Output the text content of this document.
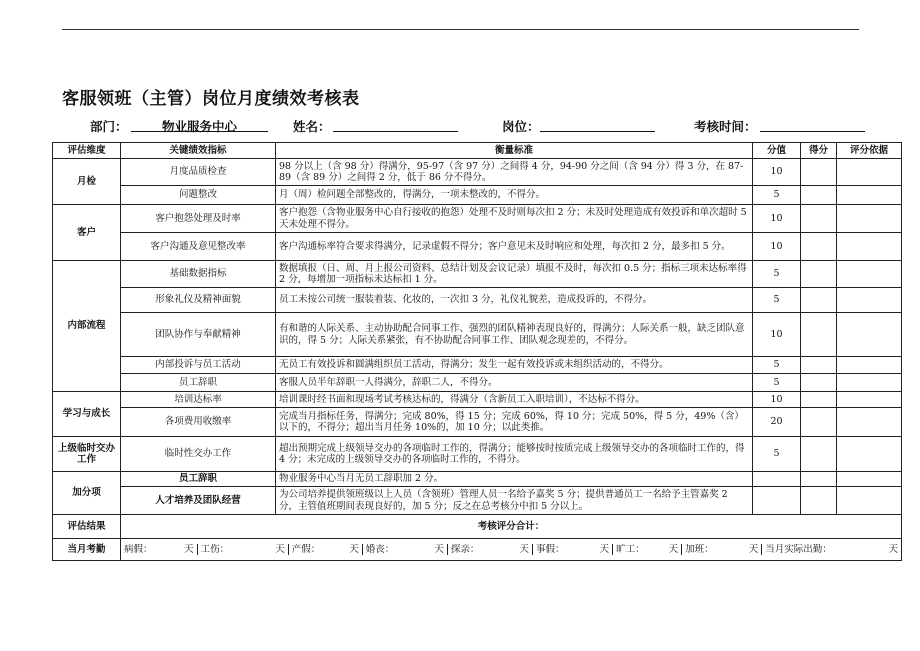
客服领班（主管）岗位月度绩效考核表
部门：	物业服务中心	姓名：	岗位：	考核时间：
评估维度	关键绩效指标	衡量标准	分值	得分	评分依据
月检	月度品质检查	98 分以上（含 98 分）得满分，95-97（含 97 分）之间得 4 分，94-90 分之间（含 94 分）得 3 分，在 87-89（含 89 分）之间得 2 分，低于 86 分不得分。	10		
问题整改	月（周）检问题全部整改的，得满分，一项未整改的，不得分。	5		
客户	客户抱怨处理及时率	客户抱怨（含物业服务中心自行接收的抱怨）处理不及时则每次扣 2 分；未及时处理造成有效投诉和单次超时 5 天未处理不得分。	10		
客户沟通及意见整改率	客户沟通标率符合要求得满分，记录虚假不得分；客户意见未及时响应和处理，每次扣 2 分，最多扣 5 分。	10		
内部流程	基础数据指标	数据填报（日、周、月上报公司资料、总结计划及会议记录）填报不及时，每次扣 0.5 分；指标三项未达标率得 2 分，每增加一项指标未达标扣 1 分。	5		
形象礼仪及精神面貌	员工未按公司统一服装着装、化妆的，一次扣 3 分，礼仪礼貌差，造成投诉的，不得分。	5		
团队协作与奉献精神	有和谐的人际关系、主动协助配合同事工作、强烈的团队精神表现良好的，得满分；人际关系一般，缺乏团队意识的，得 5 分；人际关系紧张，有不协助配合同事工作、团队观念现差的，不得分。	10		
内部投诉与员工活动	无员工有效投诉和圆满组织员工活动，得满分；发生一起有效投诉或未组织活动的，不得分。	5		
员工辞职	客服人员半年辞职一人得满分，辞职二人，不得分。	5		
学习与成长	培训达标率	培训课时经书面和现场考试考核达标的，得满分（含新员工入职培训），不达标不得分。	10		
各项费用收缴率	完成当月指标任务，得满分；完成 80%，得 15 分；完成 60%，得 10 分；完成 50%，得 5 分，49%（含）以下的，不得分；超出当月任务 10%的，加 10 分；以此类推。	20		
上级临时交办工作	临时性交办工作	超出预期完成上级领导交办的各项临时工作的，得满分；能够按时按质完成上级领导交办的各项临时工作的，得 4 分；未完成的上级领导交办的各项临时工作的，不得分。	5		
加分项	员工辞职	物业服务中心当月无员工辞职加 2 分。			
人才培养及团队经营	为公司培养提供领班级以上人员（含领班）管理人员一名给予嘉奖 5 分；提供普通员工一名给予主管嘉奖 2 分，主管值班期间表现良好的，加 5 分；反之在总考核分中扣 5 分以上。			
评估结果	考核评分合计：
当月考勤	病假：	天	工伤：	天	产假：	天	婚丧：	天	探亲：	天	事假：	天	旷工：	天	加班：	天	当月实际出勤：	天
